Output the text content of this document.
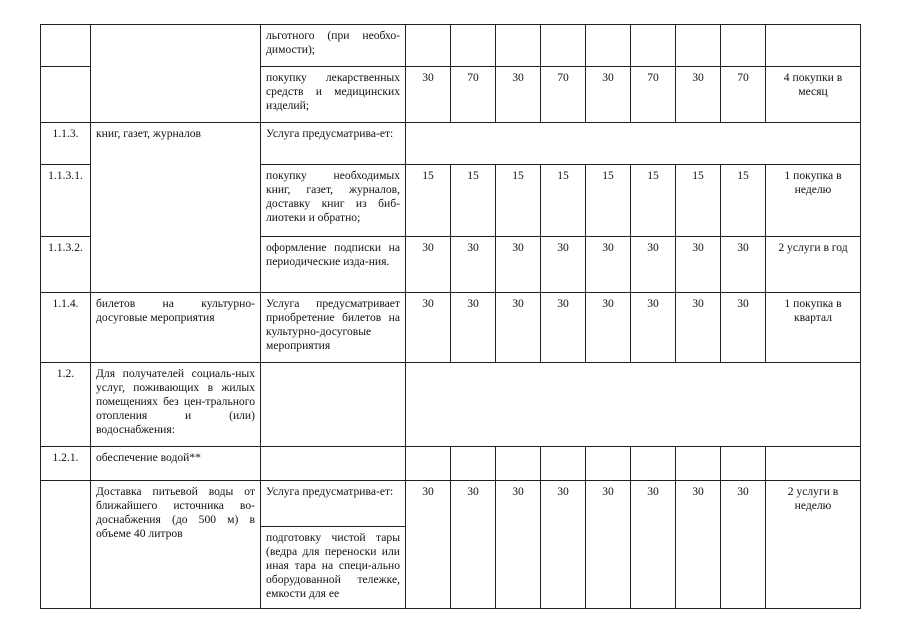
		льготного (при необхо-димости);									
		покупку лекарственных средств и медицинских изделий;	30	70	30	70	30	70	30	70	4 покупки в месяц
1.1.3.	книг, газет, журналов	Услуга предусматрива-ет:									
1.1.3.1.		покупку необходимых книг, газет, журналов, доставку книг из биб-лиотеки и обратно;	15	15	15	15	15	15	15	15	1 покупка в неделю
1.1.3.2.		оформление подписки на периодические изда-ния.	30	30	30	30	30	30	30	30	2 услуги в год
1.1.4.	билетов на культурно-досуговые мероприятия	Услуга предусматривает приобретение билетов на культурно-досуговые мероприятия	30	30	30	30	30	30	30	30	1 покупка в квартал
1.2.	Для получателей социаль-ных услуг, поживающих в жилых помещениях без цен-трального отопления и (или) водоснабжения:										
1.2.1.	обеспечение водой**										
	Доставка питьевой воды от ближайшего источника во-доснабжения (до 500 м) в объеме 40 литров	Услуга предусматрива-ет:	30	30	30	30	30	30	30	30	2 услуги в неделю
		подготовку чистой тары (ведра для переноски или иная тара на специ-ально оборудованной тележке, емкости для ее									
